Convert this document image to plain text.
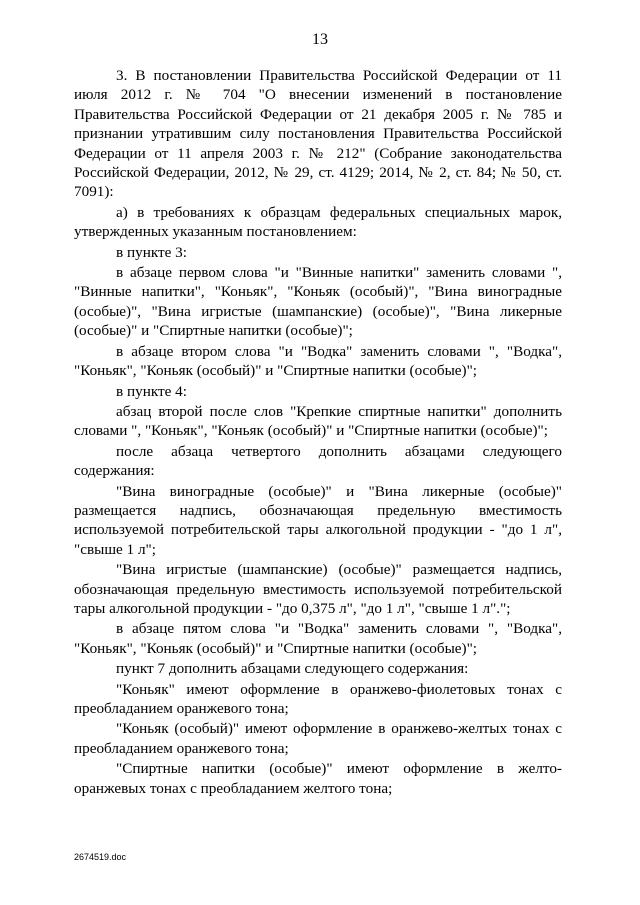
13

3. В постановлении Правительства Российской Федерации от 11 июля 2012 г. № 704 "О внесении изменений в постановление Правительства Российской Федерации от 21 декабря 2005 г. № 785 и признании утратившим силу постановления Правительства Российской Федерации от 11 апреля 2003 г. № 212" (Собрание законодательства Российской Федерации, 2012, № 29, ст. 4129; 2014, № 2, ст. 84; № 50, ст. 7091):

а) в требованиях к образцам федеральных специальных марок, утвержденных указанным постановлением:

в пункте 3:

в абзаце первом слова "и "Винные напитки" заменить словами ", "Винные напитки", "Коньяк", "Коньяк (особый)", "Вина виноградные (особые)", "Вина игристые (шампанские) (особые)", "Вина ликерные (особые)" и "Спиртные напитки (особые)";

в абзаце втором слова "и "Водка" заменить словами ", "Водка", "Коньяк", "Коньяк (особый)" и "Спиртные напитки (особые)";

в пункте 4:

абзац второй после слов "Крепкие спиртные напитки" дополнить словами ", "Коньяк", "Коньяк (особый)" и "Спиртные напитки (особые)";

после абзаца четвертого дополнить абзацами следующего содержания:

"Вина виноградные (особые)" и "Вина ликерные (особые)" размещается надпись, обозначающая предельную вместимость используемой потребительской тары алкогольной продукции - "до 1 л", "свыше 1 л";

"Вина игристые (шампанские) (особые)" размещается надпись, обозначающая предельную вместимость используемой потребительской тары алкогольной продукции - "до 0,375 л", "до 1 л", "свыше 1 л".";

в абзаце пятом слова "и "Водка" заменить словами ", "Водка", "Коньяк", "Коньяк (особый)" и "Спиртные напитки (особые)";

пункт 7 дополнить абзацами следующего содержания:

"Коньяк" имеют оформление в оранжево-фиолетовых тонах с преобладанием оранжевого тона;

"Коньяк (особый)" имеют оформление в оранжево-желтых тонах с преобладанием оранжевого тона;

"Спиртные напитки (особые)" имеют оформление в желто-оранжевых тонах с преобладанием желтого тона;

2674519.doc
